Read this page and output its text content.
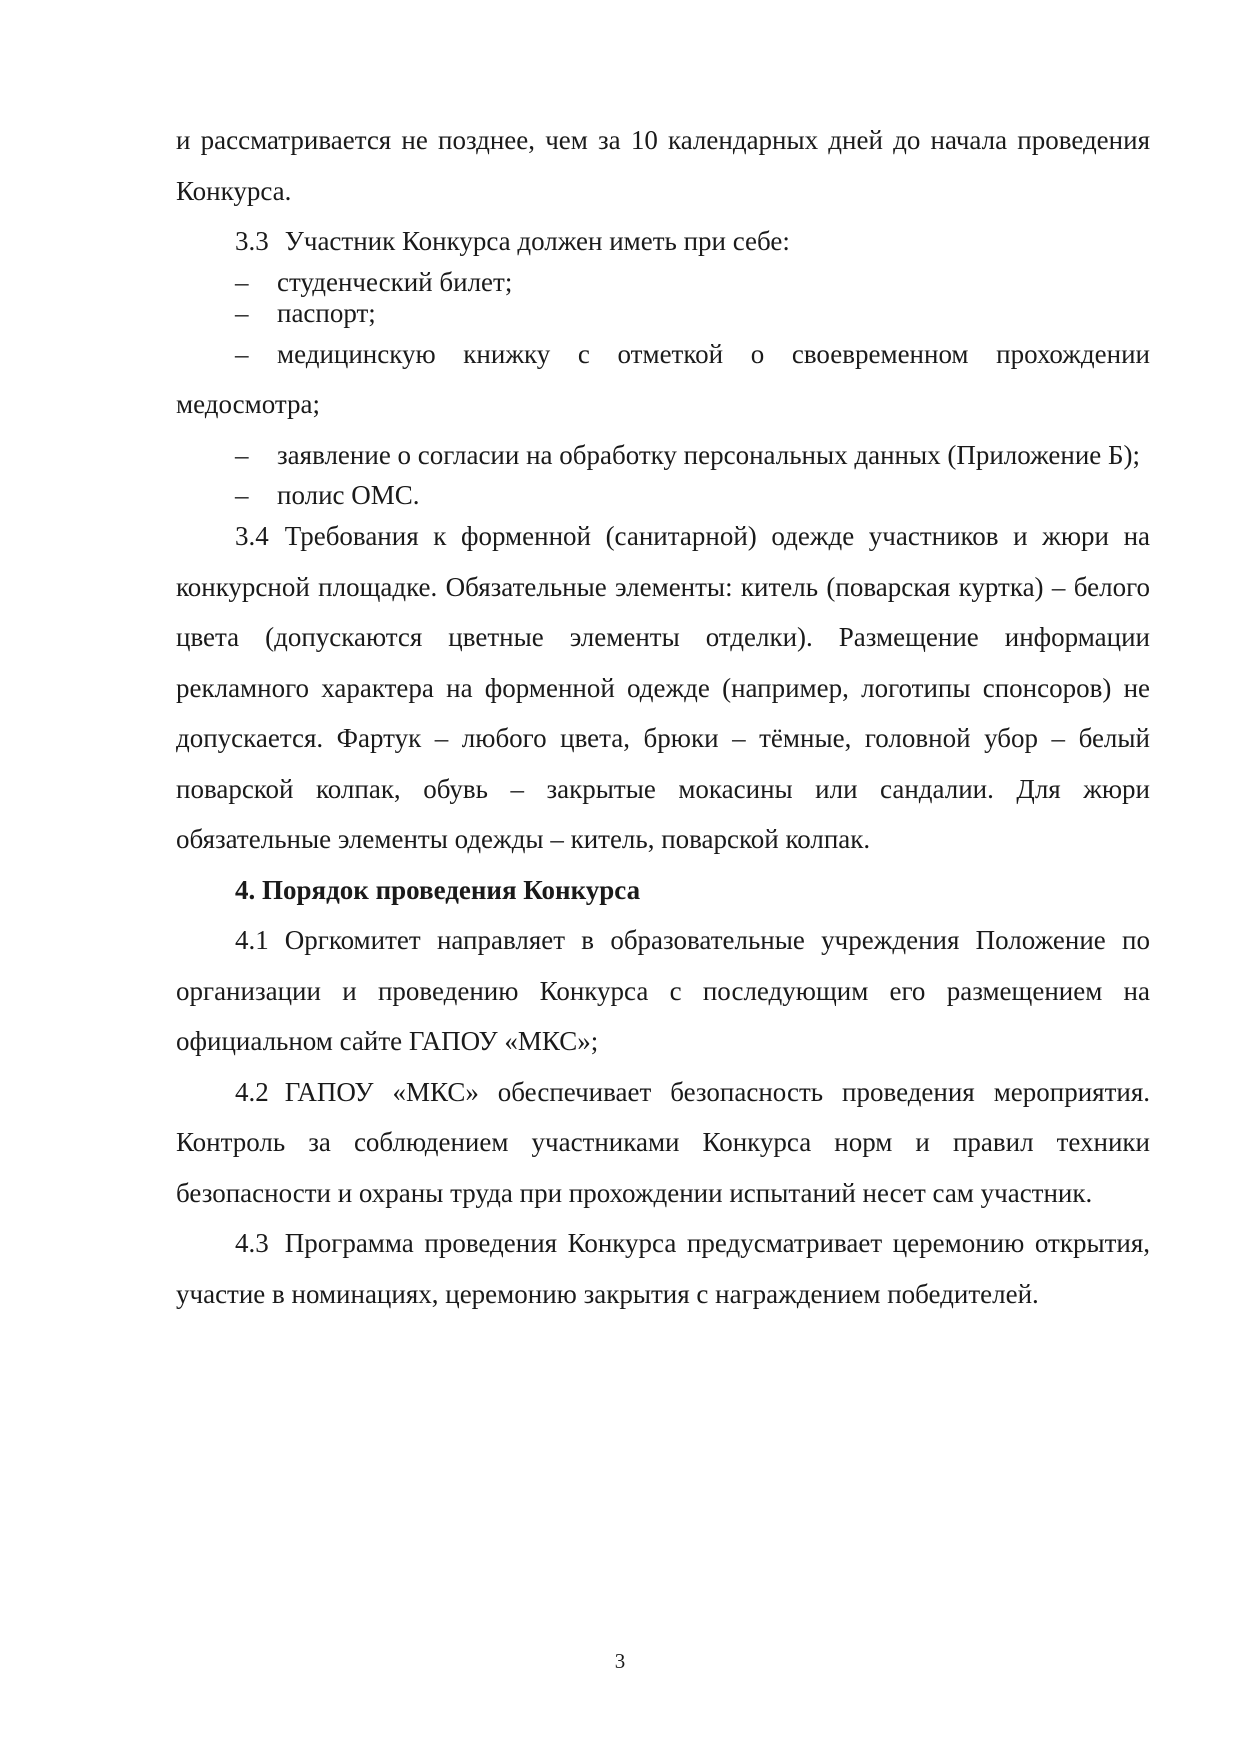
и рассматривается не позднее, чем за 10 календарных дней до начала проведения Конкурса.

3.3 Участник Конкурса должен иметь при себе:

–	студенческий билет;
–	паспорт;

– медицинскую книжку с отметкой о своевременном прохождении медосмотра;

– заявление о согласии на обработку персональных данных (Приложение Б);

–	полис ОМС.

3.4 Требования к форменной (санитарной) одежде участников и жюри на конкурсной площадке. Обязательные элементы: китель (поварская куртка) – белого цвета (допускаются цветные элементы отделки). Размещение информации рекламного характера на форменной одежде (например, логотипы спонсоров) не допускается. Фартук – любого цвета, брюки – тёмные, головной убор – белый поварской колпак, обувь – закрытые мокасины или сандалии. Для жюри обязательные элементы одежды – китель, поварской колпак.

4. Порядок проведения Конкурса

4.1 Оргкомитет направляет в образовательные учреждения Положение по организации и проведению Конкурса с последующим его размещением на официальном сайте ГАПОУ «МКС»;

4.2 ГАПОУ «МКС» обеспечивает безопасность проведения мероприятия. Контроль за соблюдением участниками Конкурса норм и правил техники безопасности и охраны труда при прохождении испытаний несет сам участник.

4.3 Программа проведения Конкурса предусматривает церемонию открытия, участие в номинациях, церемонию закрытия с награждением победителей.

3
